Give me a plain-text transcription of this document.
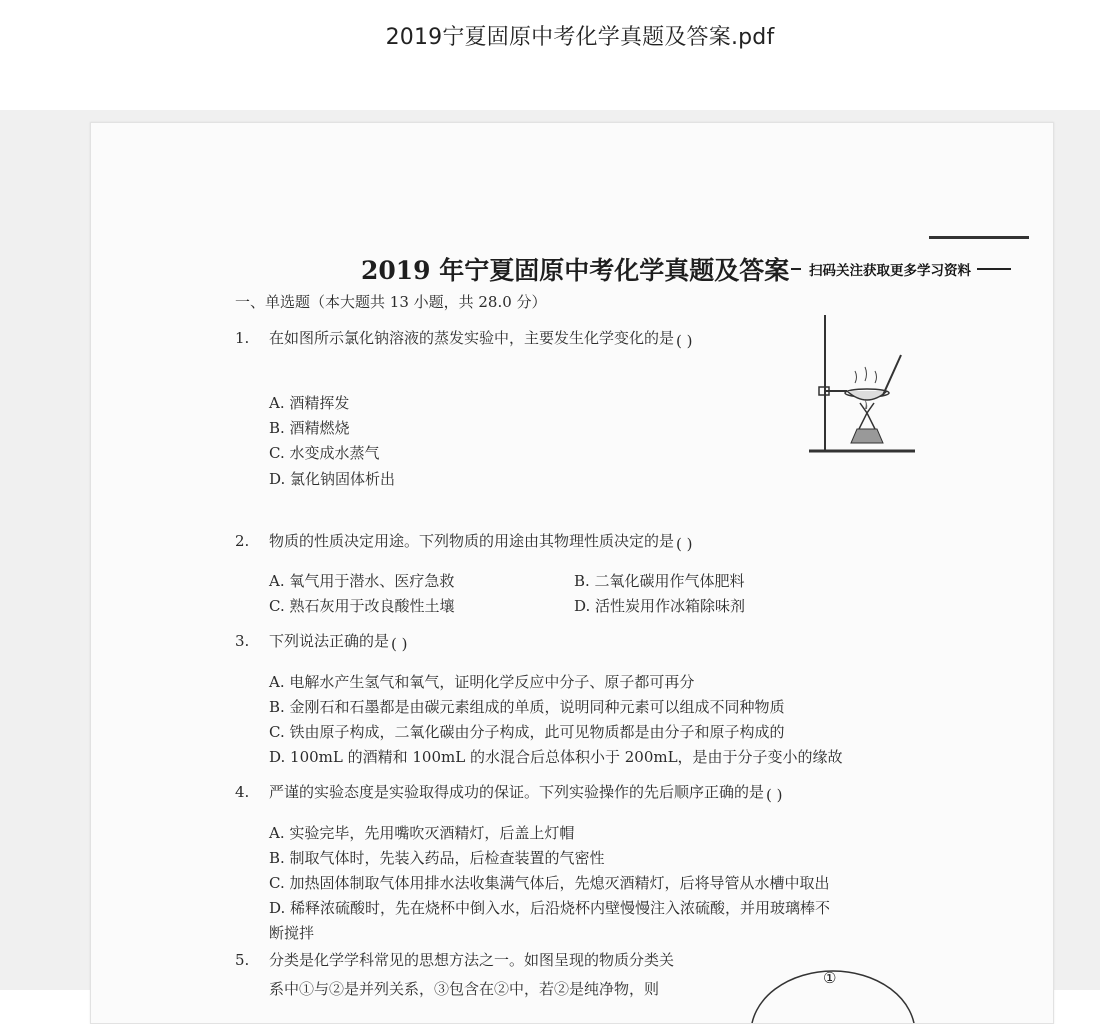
2019宁夏固原中考化学真题及答案.pdf
2019 年宁夏固原中考化学真题及答案 扫码关注获取更多学习资料
一、单选题（本大题共 13 小题，共 28.0 分）
1. 在如图所示氯化钠溶液的蒸发实验中，主要发生化学变化的是 ( )
A. 酒精挥发
B. 酒精燃烧
C. 水变成水蒸气
D. 氯化钠固体析出
2. 物质的性质决定用途。下列物质的用途由其物理性质决定的是 ( )
A. 氧气用于潜水、医疗急救	B. 二氧化碳用作气体肥料
C. 熟石灰用于改良酸性土壤	D. 活性炭用作冰箱除味剂
3. 下列说法正确的是 ( )
A. 电解水产生氢气和氧气，证明化学反应中分子、原子都可再分
B. 金刚石和石墨都是由碳元素组成的单质，说明同种元素可以组成不同种物质
C. 铁由原子构成，二氧化碳由分子构成，此可见物质都是由分子和原子构成的
D. 100mL 的酒精和 100mL 的水混合后总体积小于 200mL，是由于分子变小的缘故
4. 严谨的实验态度是实验取得成功的保证。下列实验操作的先后顺序正确的是 ( )
A. 实验完毕，先用嘴吹灭酒精灯，后盖上灯帽
B. 制取气体时，先装入药品，后检查装置的气密性
C. 加热固体制取气体用排水法收集满气体后，先熄灭酒精灯，后将导管从水槽中取出
D. 稀释浓硫酸时，先在烧杯中倒入水，后沿烧杯内壁慢慢注入浓硫酸，并用玻璃棒不
断搅拌
5. 分类是化学学科常见的思想方法之一。如图呈现的物质分类关
系中①与②是并列关系，③包含在②中，若②是纯净物，则
①
